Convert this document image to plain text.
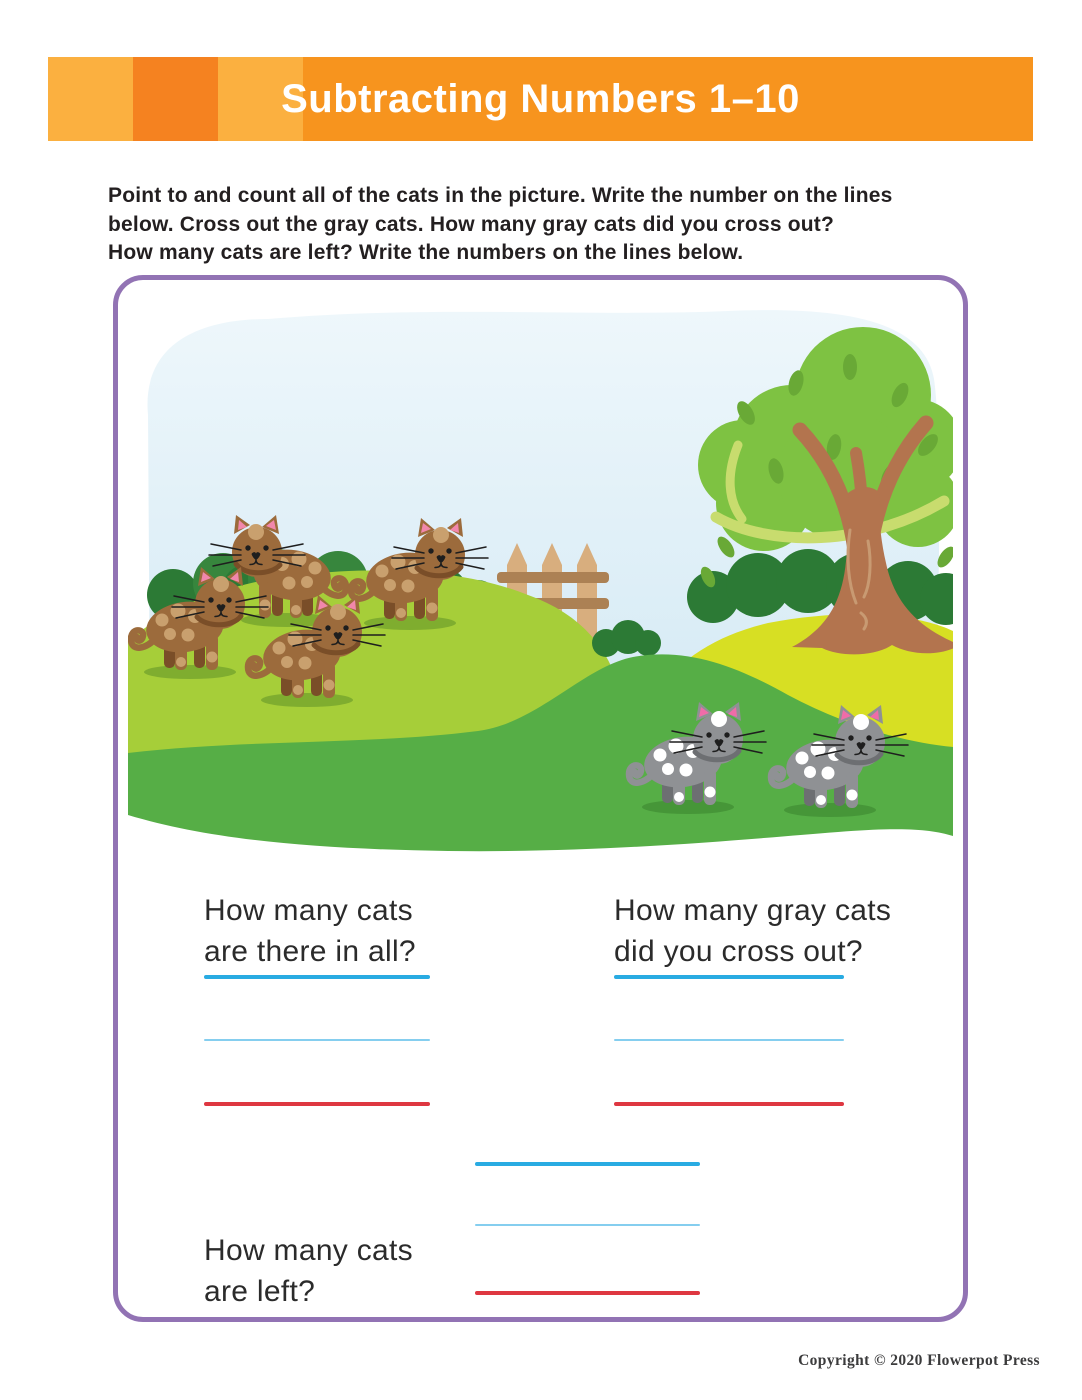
Subtracting Numbers 1–10

Point to and count all of the cats in the picture. Write the number on the lines
below. Cross out the gray cats. How many gray cats did you cross out?
How many cats are left? Write the numbers on the lines below.

How many cats
are there in all?
How many gray cats
did you cross out?
How many cats
are left?
Copyright © 2020 Flowerpot Press
